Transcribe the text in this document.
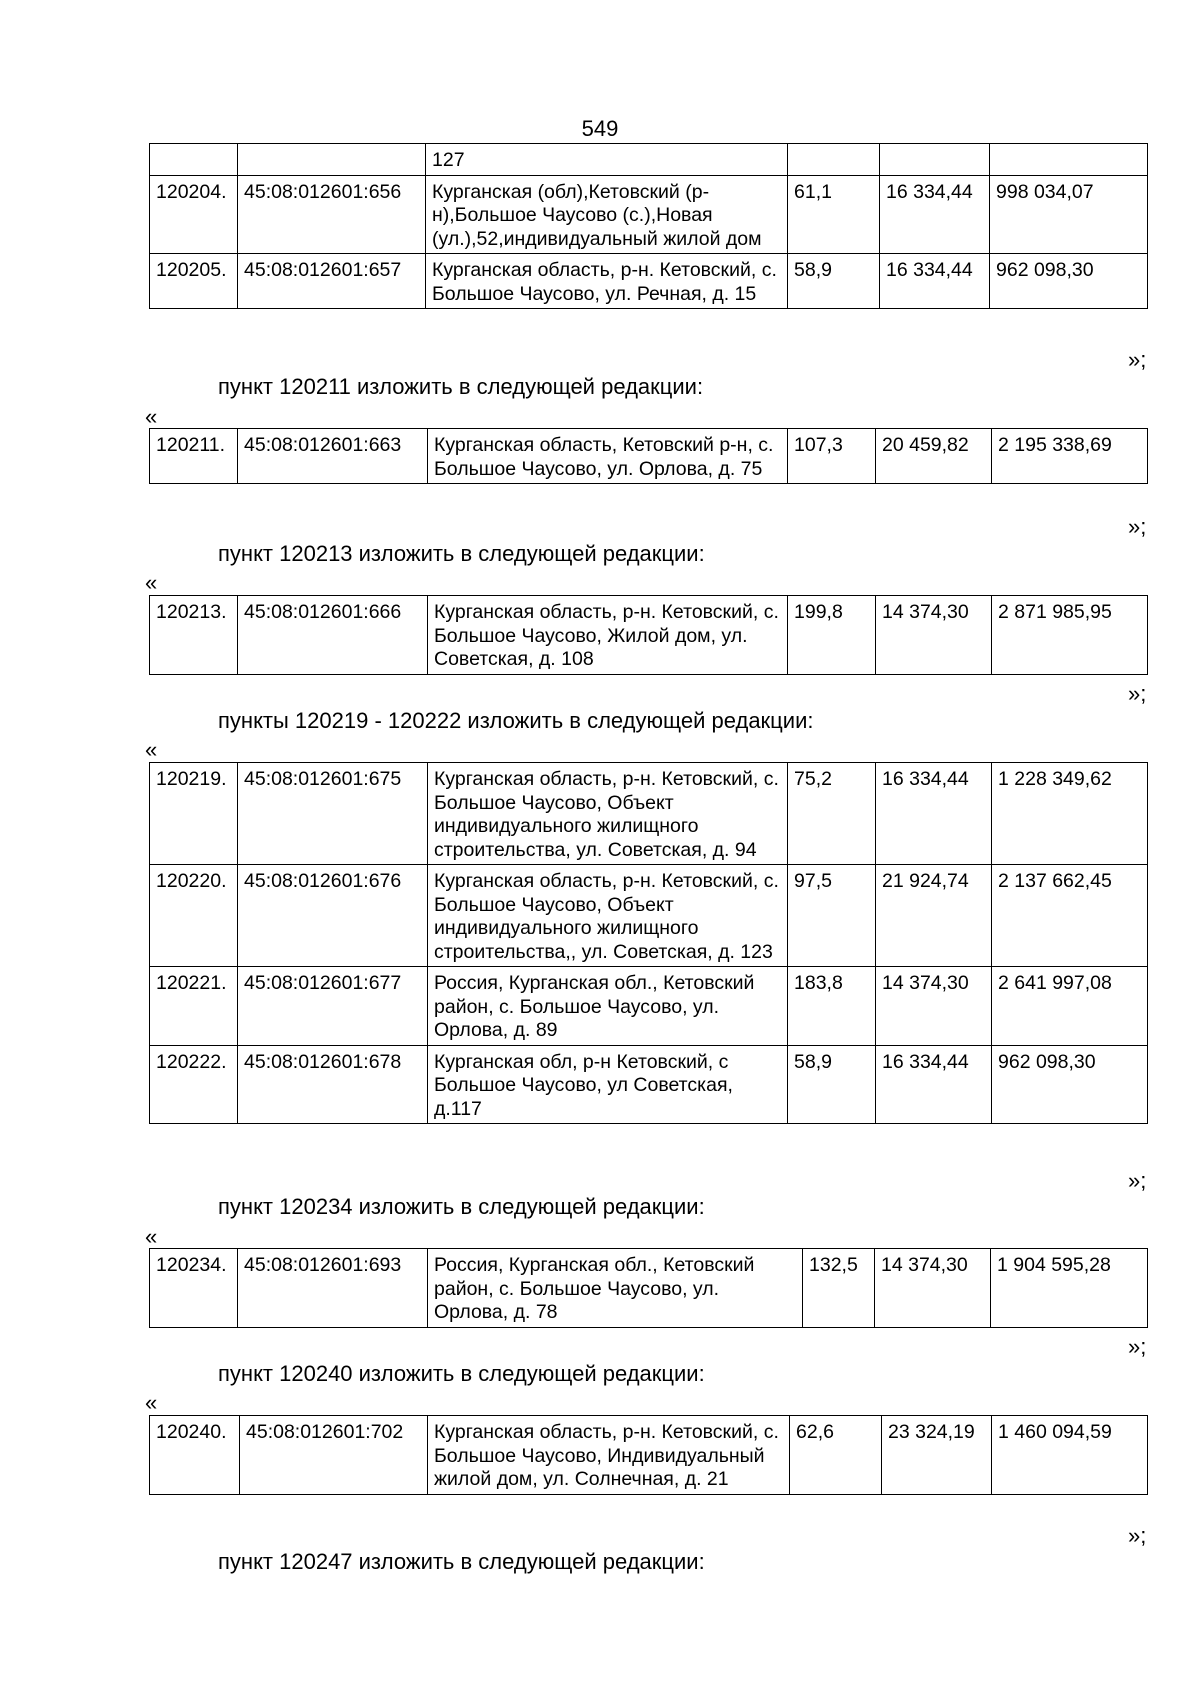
549
		127			
120204.	45:08:012601:656	Курганская (обл),Кетовский (р-н),Большое Чаусово (с.),Новая (ул.),52,индивидуальный жилой дом	61,1	16 334,44	998 034,07
120205.	45:08:012601:657	Курганская область, р-н. Кетовский, с. Большое Чаусово, ул. Речная, д. 15	58,9	16 334,44	962 098,30
»;
пункт 120211 изложить в следующей редакции:
«
120211.	45:08:012601:663	Курганская область, Кетовский р-н, с. Большое Чаусово, ул. Орлова, д. 75	107,3	20 459,82	2 195 338,69
»;
пункт 120213 изложить в следующей редакции:
«
120213.	45:08:012601:666	Курганская область, р-н. Кетовский, с. Большое Чаусово, Жилой дом, ул. Советская, д. 108	199,8	14 374,30	2 871 985,95
»;
пункты 120219 - 120222 изложить в следующей редакции:
«
120219.	45:08:012601:675	Курганская область, р-н. Кетовский, с. Большое Чаусово, Объект индивидуального жилищного строительства, ул. Советская, д. 94	75,2	16 334,44	1 228 349,62
120220.	45:08:012601:676	Курганская область, р-н. Кетовский, с. Большое Чаусово, Объект индивидуального жилищного строительства,, ул. Советская, д. 123	97,5	21 924,74	2 137 662,45
120221.	45:08:012601:677	Россия, Курганская обл., Кетовский район, с. Большое Чаусово, ул. Орлова, д. 89	183,8	14 374,30	2 641 997,08
120222.	45:08:012601:678	Курганская обл, р-н Кетовский, с Большое Чаусово, ул Советская, д.117	58,9	16 334,44	962 098,30
»;
пункт 120234 изложить в следующей редакции:
«
120234.	45:08:012601:693	Россия, Курганская обл., Кетовский район, с. Большое Чаусово, ул. Орлова, д. 78	132,5	14 374,30	1 904 595,28
»;
пункт 120240 изложить в следующей редакции:
«
120240.	45:08:012601:702	Курганская область, р-н. Кетовский, с. Большое Чаусово, Индивидуальный жилой дом, ул. Солнечная, д. 21	62,6	23 324,19	1 460 094,59
»;
пункт 120247 изложить в следующей редакции:
